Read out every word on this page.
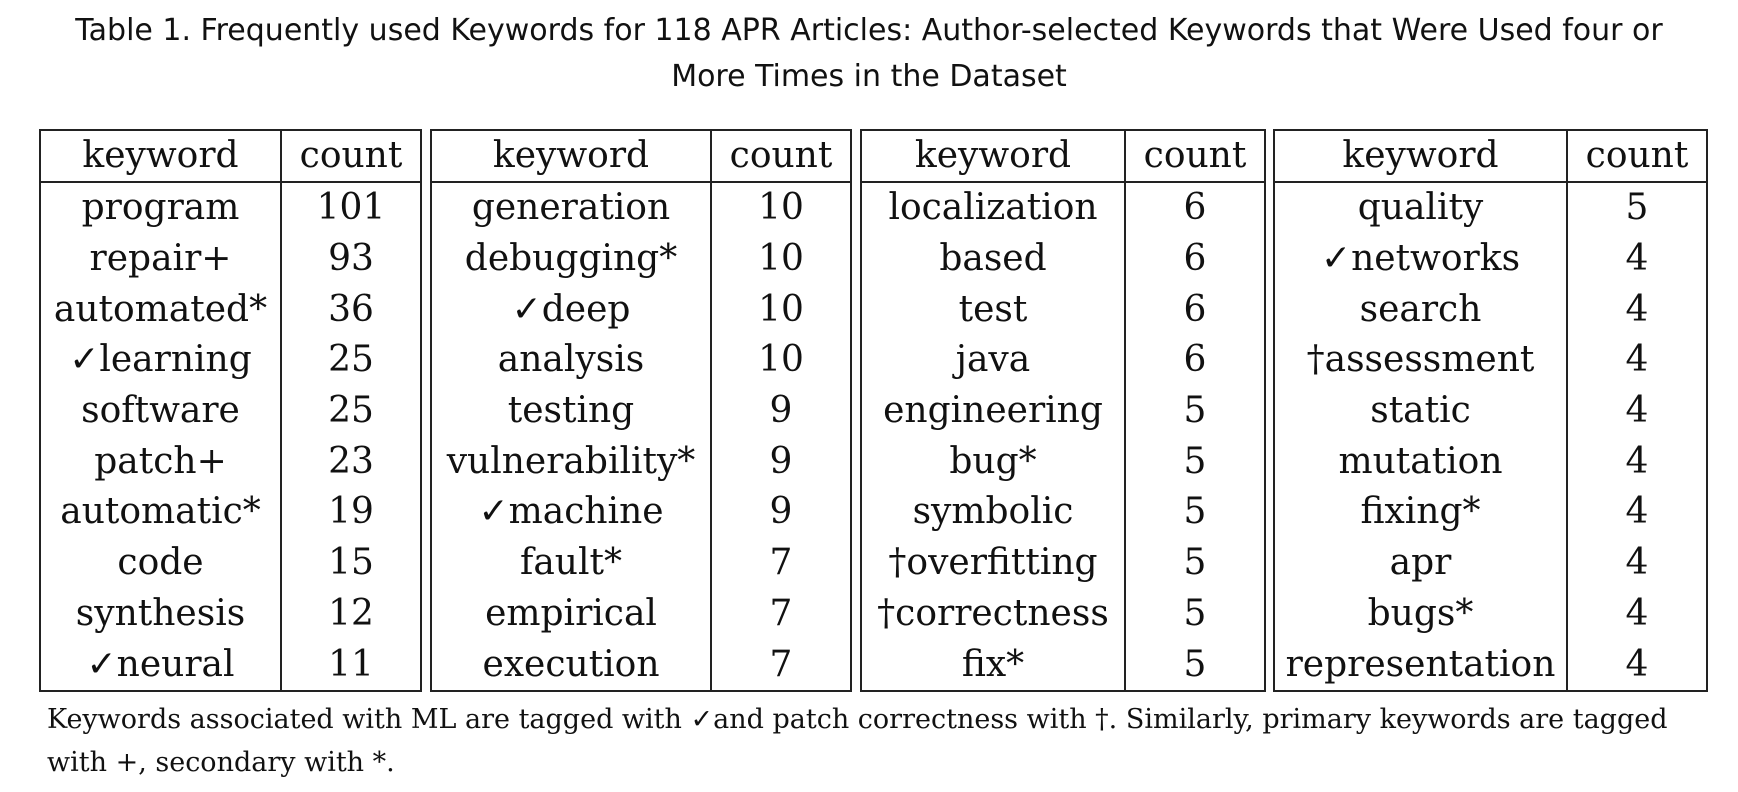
Table 1. Frequently used Keywords for 118 APR Articles: Author-selected Keywords that Were Used four or
More Times in the Dataset
keyword	count
program	101
repair+	93
automated*	36
✓learning	25
software	25
patch+	23
automatic*	19
code	15
synthesis	12
✓neural	11
keyword	count
generation	10
debugging*	10
✓deep	10
analysis	10
testing	9
vulnerability*	9
✓machine	9
fault*	7
empirical	7
execution	7
keyword	count
localization	6
based	6
test	6
java	6
engineering	5
bug*	5
symbolic	5
†overfitting	5
†correctness	5
fix*	5
keyword	count
quality	5
✓networks	4
search	4
†assessment	4
static	4
mutation	4
fixing*	4
apr	4
bugs*	4
representation	4
Keywords associated with ML are tagged with ✓and patch correctness with †. Similarly, primary keywords are tagged
with +, secondary with *.
